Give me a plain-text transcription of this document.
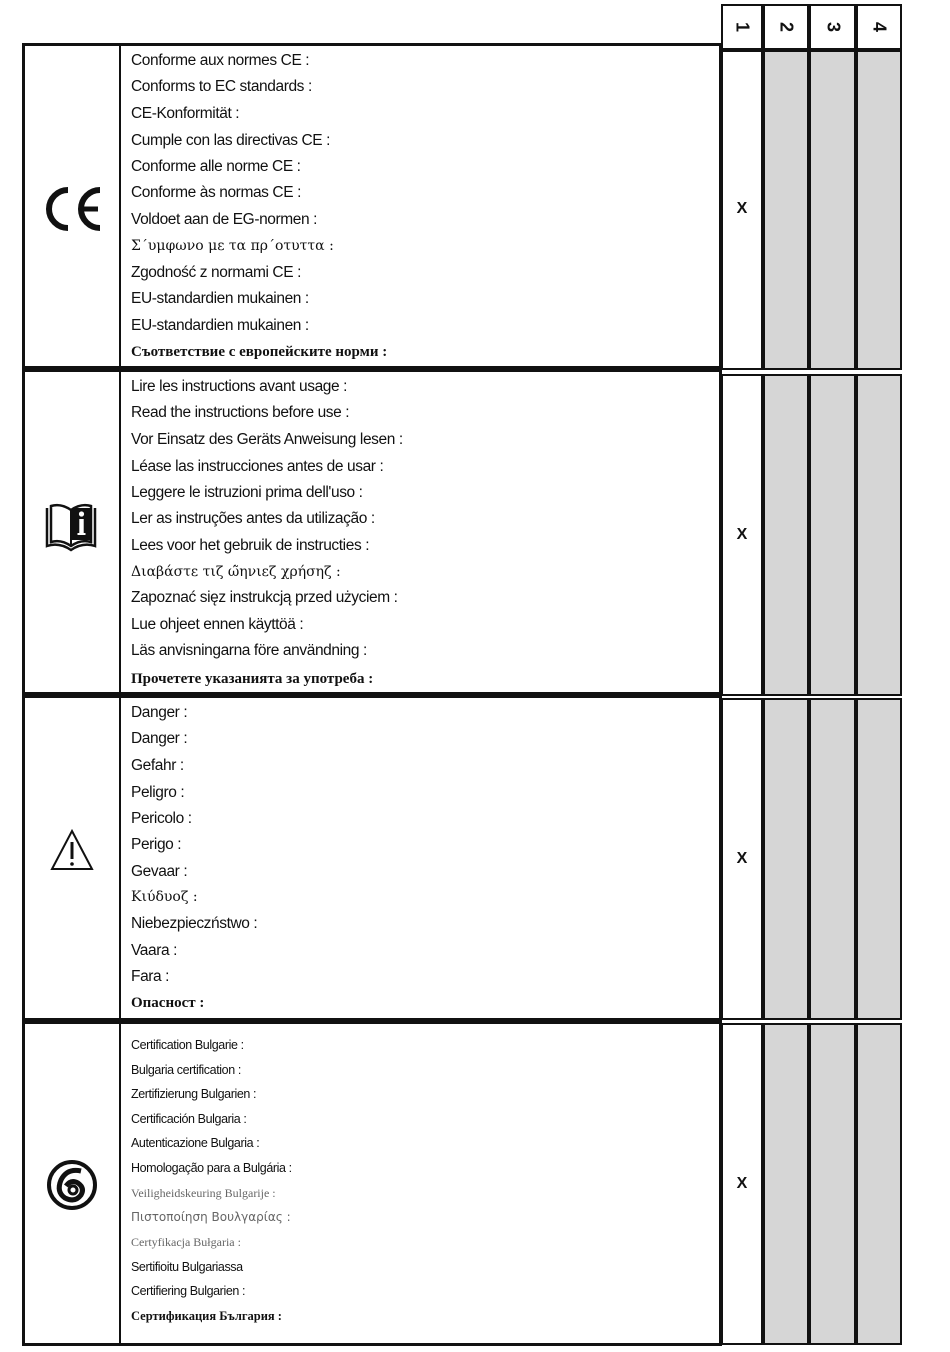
1 2 3 4
Conforme aux normes CE :
Conforms to EC standards :
CE-Konformität :
Cumple con las directivas CE :
Conforme alle norme CE :
Conforme às normas CE :
Voldoet aan de EG-normen :
Σ΄υμφωνο με τα πρ΄οτυττα :
Zgodność z normami CE :
EU-standardien mukainen :
EU-standardien mukainen :
Съответствие с европейските норми :
Lire les instructions avant usage :
Read the instructions before use :
Vor Einsatz des Geräts Anweisung lesen :
Léase las instrucciones antes de usar :
Leggere le istruzioni prima dell'uso :
Ler as instruções antes da utilização :
Lees voor het gebruik de instructies :
Διαβάστε τιζ ώ̃ηνιεζ χρήσηζ :
Zapoznać sięz instrukcją przed użyciem :
Lue ohjeet ennen käyttöä :
Läs anvisningarna före användning :
Прочетете указанията за употреба :
Danger :
Danger :
Gefahr :
Peligro :
Pericolo :
Perigo :
Gevaar :
Κιύδυοζ :
Niebezpieczństwo :
Vaara :
Fara :
Опасност :
Certification Bulgarie :
Bulgaria certification :
Zertifizierung Bulgarien :
Certificación Bulgaria :
Autenticazione Bulgaria :
Homologação para a Bulgária :
Veiligheidskeuring Bulgarije :
Πιστοποίηση Βουλγαρίας :
Certyfikacja Bułgaria :
Sertifioitu Bulgariassa
Certifiering Bulgarien :
Сертификация България :
X
X
X
X
